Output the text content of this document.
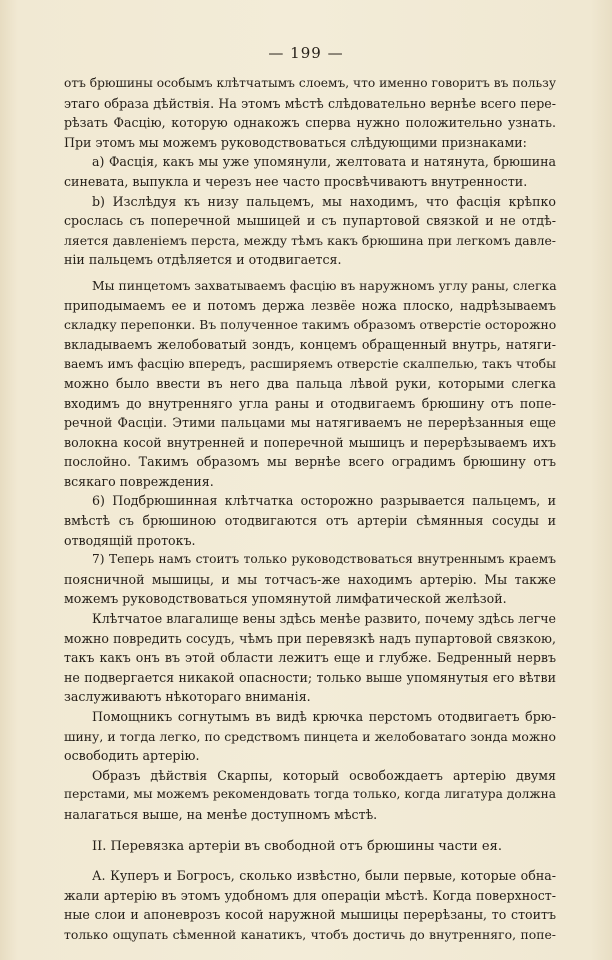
— 199 —
отъ брюшины особымъ клѣтчатымъ слоемъ, что именно говоритъ въ пользу
этаго образа дѣйствія. На этомъ мѣстѣ слѣдовательно вернѣе всего пере-
рѣзать Фасцію, которую однакожъ сперва нужно положительно узнать.
При этомъ мы можемъ руководствоваться слѣдующими признаками:
а) Фасція, какъ мы уже упомянули, желтовата и натянута, брюшина
синевата, выпукла и черезъ нее часто просвѣчиваютъ внутренности.
b) Изслѣдуя къ низу пальцемъ, мы находимъ, что фасція крѣпко
срослась съ поперечной мышицей и съ пупартовой связкой и не отдѣ-
ляется давленіемъ перста, между тѣмъ какъ брюшина при легкомъ давле-
ніи пальцемъ отдѣляется и отодвигается.
Мы пинцетомъ захватываемъ фасцію въ наружномъ углу раны, слегка
приподымаемъ ее и потомъ держа лезвёе ножа плоско, надрѣзываемъ
складку перепонки. Въ полученное такимъ образомъ отверстіе осторожно
вкладываемъ желобоватый зондъ, концемъ обращенный внутрь, натяги-
ваемъ имъ фасцію впередъ, расширяемъ отверстіе скалпелью, такъ чтобы
можно было ввести въ него два пальца лѣвой руки, которыми слегка
входимъ до внутренняго угла раны и отодвигаемъ брюшину отъ попе-
речной Фасціи. Этими пальцами мы натягиваемъ не перерѣзанныя еще
волокна косой внутренней и поперечной мышицъ и перерѣзываемъ ихъ
послойно. Такимъ образомъ мы вернѣе всего оградимъ брюшину отъ
всякаго повреждения.
6) Подбрюшинная клѣтчатка осторожно разрывается пальцемъ, и
вмѣстѣ съ брюшиною отодвигаются отъ артеріи сѣмянныя сосуды и
отводящій протокъ.
7) Теперь намъ стоитъ только руководствоваться внутреннымъ краемъ
поясничной мышицы, и мы тотчасъ-же находимъ артерію. Мы также
можемъ руководствоваться упомянутой лимфатической желѣзой.
Клѣтчатое влагалище вены здѣсь менѣе развито, почему здѣсь легче
можно повредить сосудъ, чѣмъ при перевязкѣ надъ пупартовой связкою,
такъ какъ онъ въ этой области лежитъ еще и глубже. Бедренный нервъ
не подвергается никакой опасности; только выше упомянутыя его вѣтви
заслуживаютъ нѣкотораго вниманія.
Помощникъ согнутымъ въ видѣ крючка перстомъ отодвигаетъ брю-
шину, и тогда легко, по средствомъ пинцета и желобоватаго зонда можно
освободить артерію.
Образъ дѣйствія Скарпы, который освобождаетъ артерію двумя
перстами, мы можемъ рекомендовать тогда только, когда лигатура должна
налагаться выше, на менѣе доступномъ мѣстѣ.
II. Перевязка артеріи въ свободной отъ брюшины части ея.
А. Куперъ и Богросъ, сколько извѣстно, были первые, которые обна-
жали артерію въ этомъ удобномъ для операціи мѣстѣ. Когда поверхност-
ные слои и апоневрозъ косой наружной мышицы перерѣзаны, то стоитъ
только ощупать сѣменной канатикъ, чтобъ достичь до внутренняго, попе-
